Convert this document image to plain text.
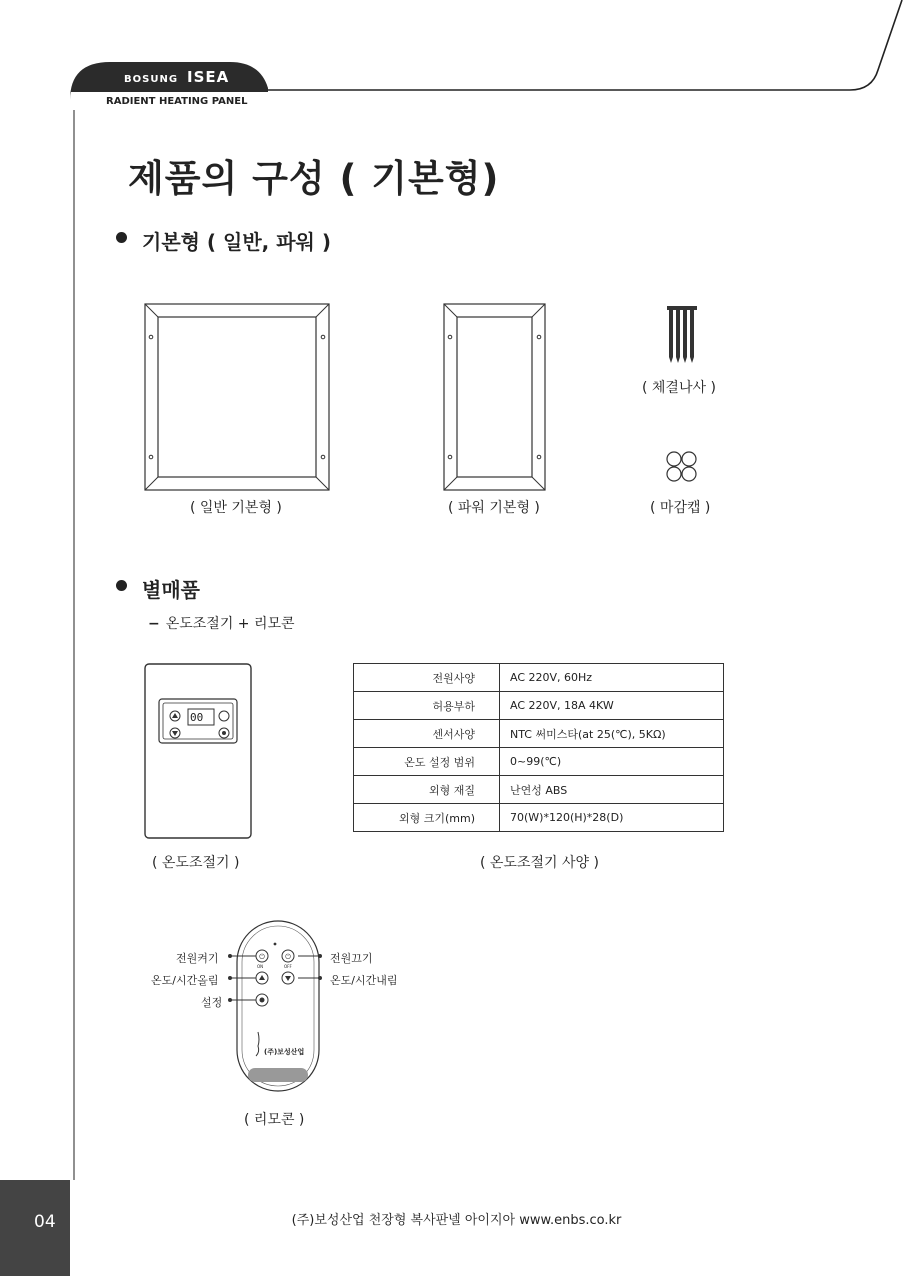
BOSUNG ISEA
RADIENT HEATING PANEL
제품의 구성 ( 기본형)
기본형 ( 일반, 파워 )
( 일반 기본형 )	( 파워 기본형 )
( 체결나사 )
( 마감캡 )
별매품
− 온도조절기 + 리모콘
00
( 온도조절기 )
전원사양	AC 220V, 60Hz
허용부하	AC 220V, 18A 4KW
센서사양	NTC 써미스타(at 25(℃), 5KΩ)
온도 설정 범위	0~99(℃)
외형 재질	난연성 ABS
외형 크기(mm)	70(W)*120(H)*28(D)
( 온도조절기 사양 )
⏻	⏻
ON	OFF
(주)보성산업
전원켜기
온도/시간올림
설정
전원끄기
온도/시간내림
( 리모콘 )
04	(주)보성산업 천장형 복사판넬 아이지아 www.enbs.co.kr
